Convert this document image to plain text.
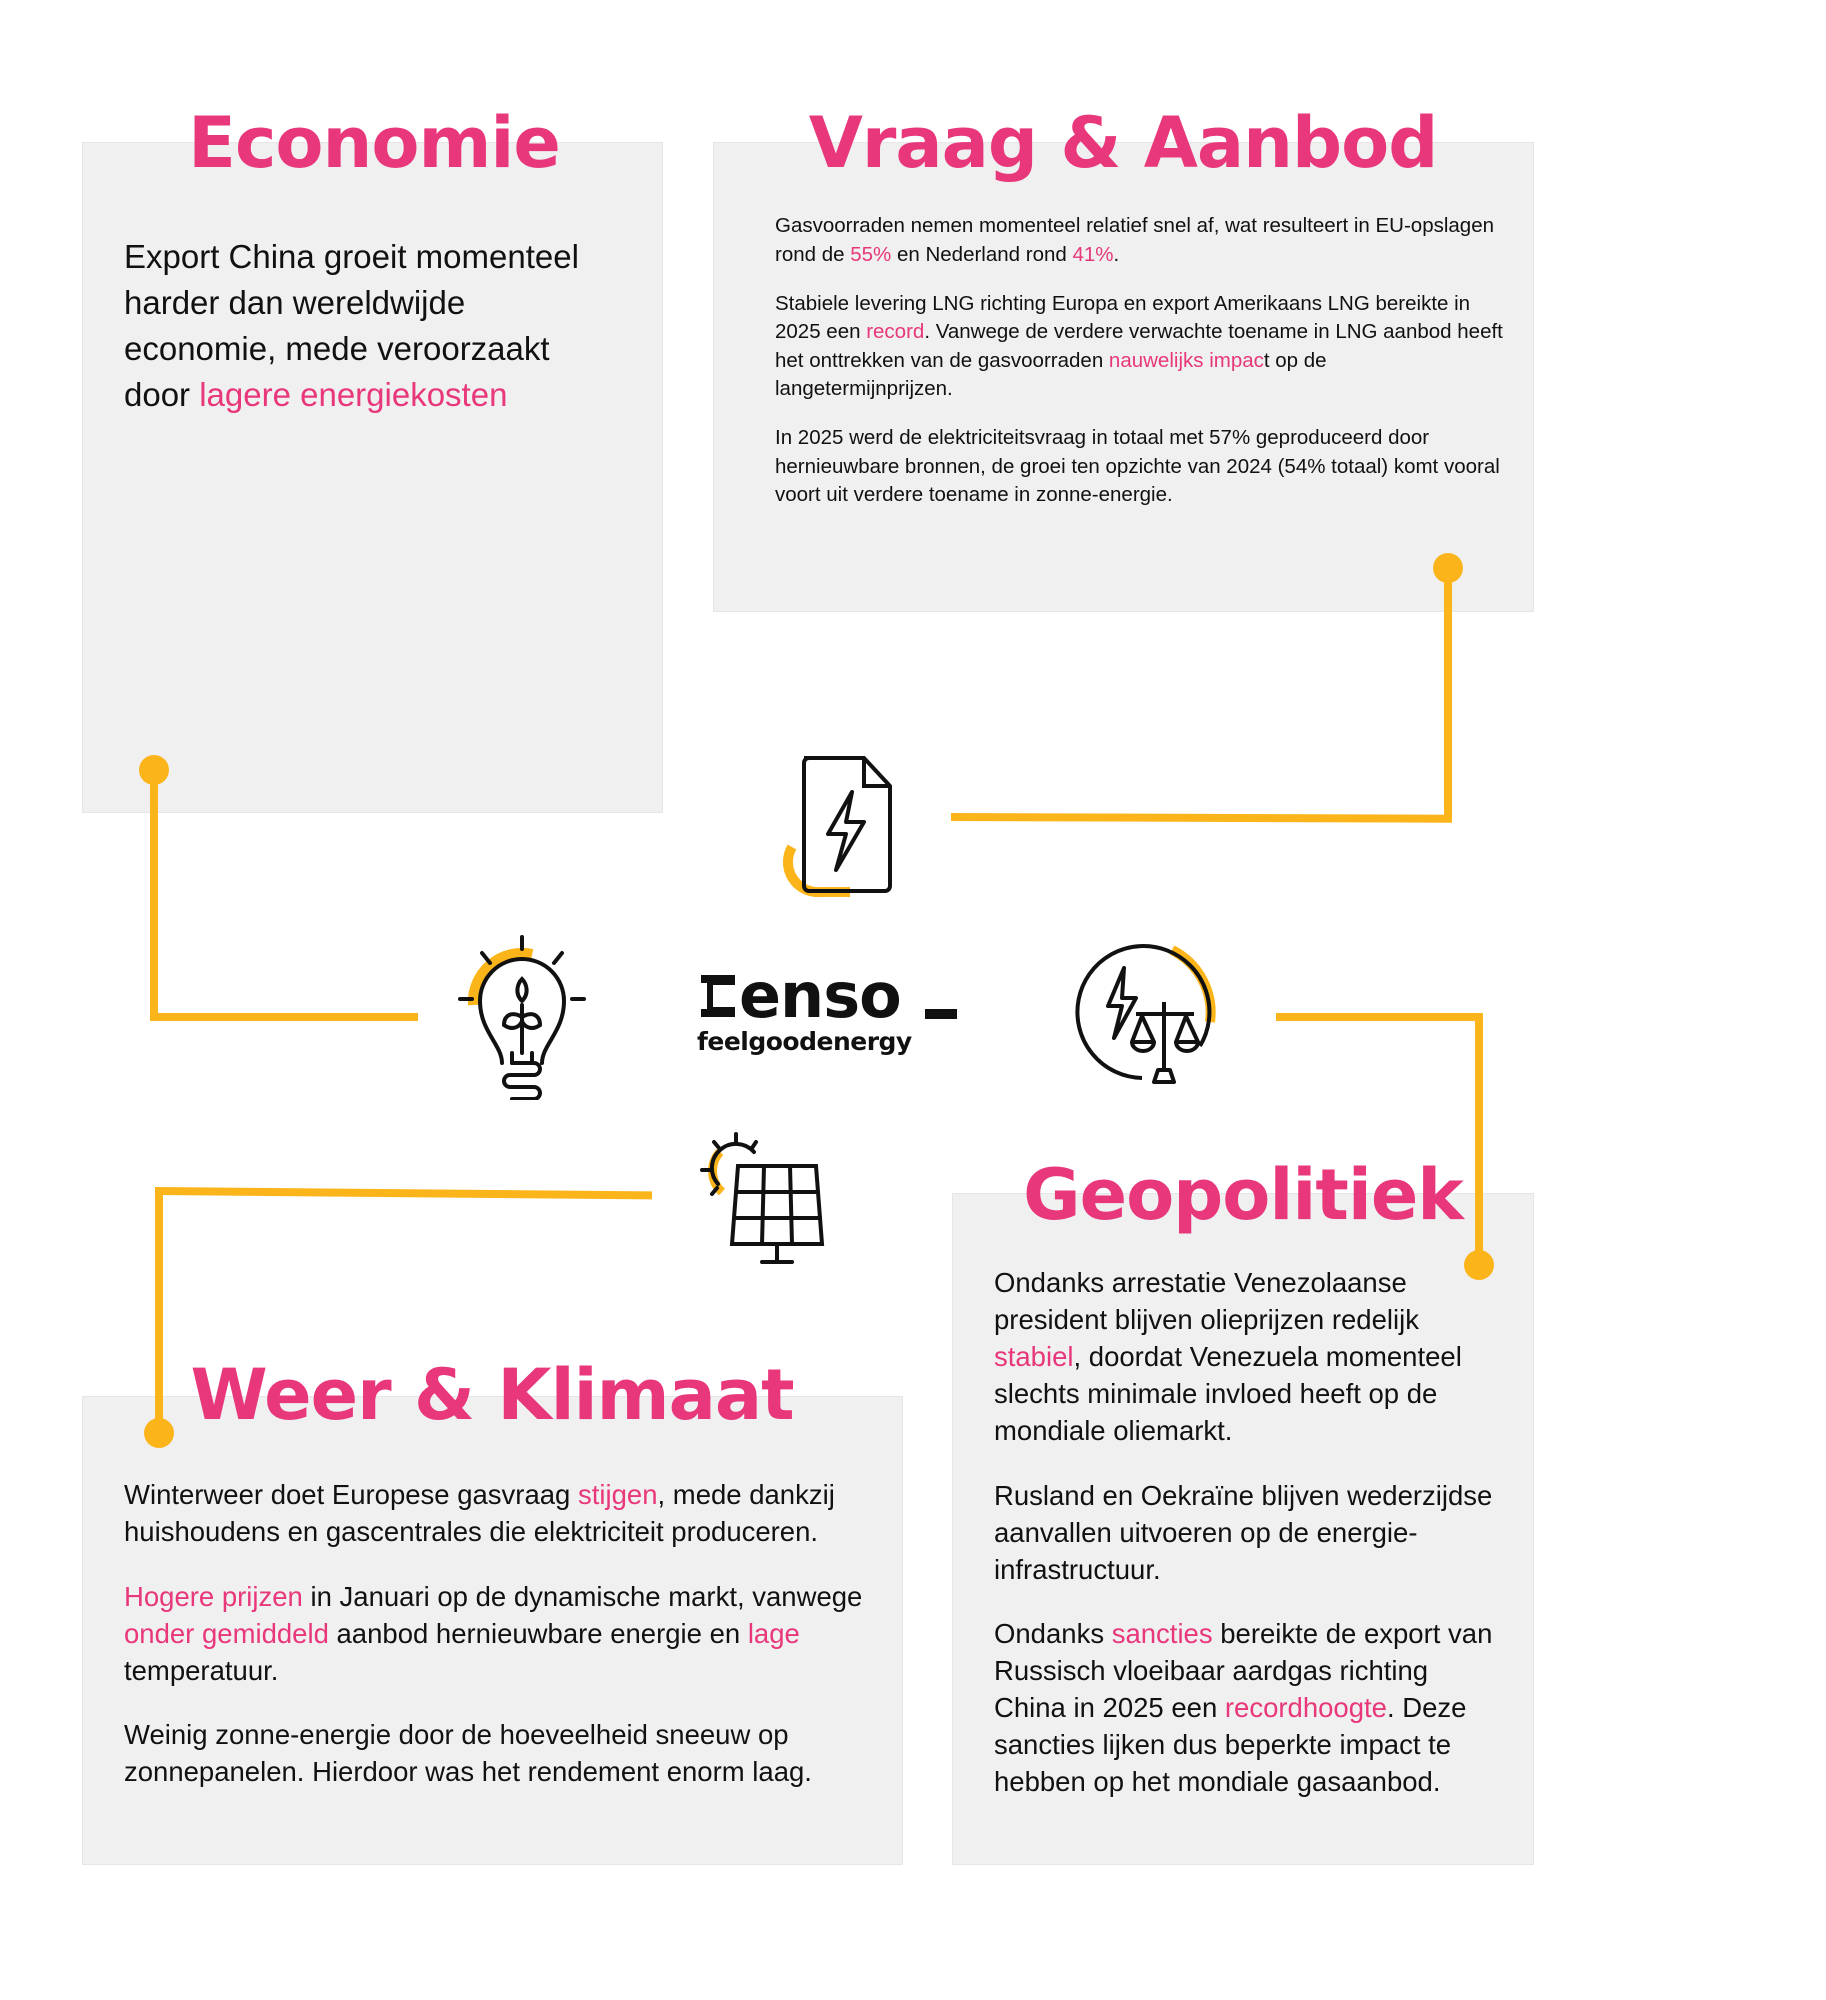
Economie	Vraag & Aanbod
Weer & Klimaat
Geopolitiek

Export China groeit momenteel harder dan wereldwijde economie, mede veroorzaakt door lagere energiekosten

Gasvoorraden nemen momenteel relatief snel af, wat resulteert in EU-opslagen rond de 55% en Nederland rond 41%.

Stabiele levering LNG richting Europa en export Amerikaans LNG bereikte in 2025 een record. Vanwege de verdere verwachte toename in LNG aanbod heeft het onttrekken van de gasvoorraden nauwelijks impact op de langetermijnprijzen.

In 2025 werd de elektriciteitsvraag in totaal met 57% geproduceerd door hernieuwbare bronnen, de groei ten opzichte van 2024 (54% totaal) komt vooral voort uit verdere toename in zonne-energie.

Winterweer doet Europese gasvraag stijgen, mede dankzij huishoudens en gascentrales die elektriciteit produceren.

Hogere prijzen in Januari op de dynamische markt, vanwege onder gemiddeld aanbod hernieuwbare energie en lage temperatuur.

Weinig zonne-energie door de hoeveelheid sneeuw op zonnepanelen. Hierdoor was het rendement enorm laag.

Ondanks arrestatie Venezolaanse president blijven olieprijzen redelijk stabiel, doordat Venezuela momenteel slechts minimale invloed heeft op de mondiale oliemarkt.

Rusland en Oekraïne blijven wederzijdse aanvallen uitvoeren op de energie-infrastructuur.

Ondanks sancties bereikte de export van Russisch vloeibaar aardgas richting China in 2025 een recordhoogte. Deze sancties lijken dus beperkte impact te hebben op het mondiale gasaanbod.

enso
feelgoodenergy
